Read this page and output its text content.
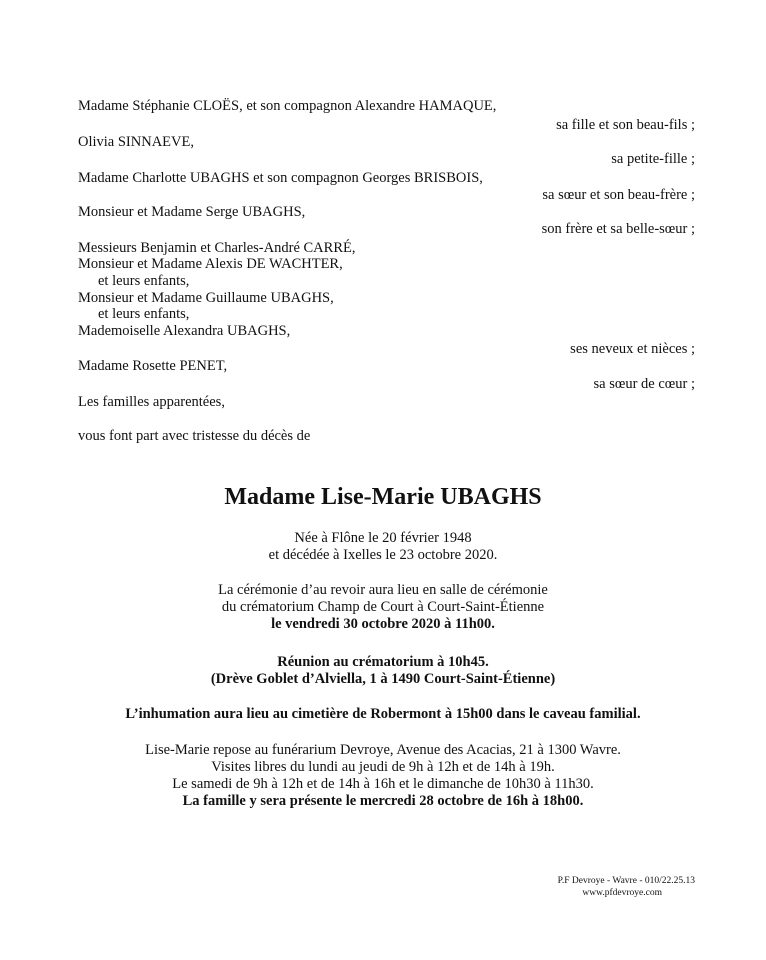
Madame Stéphanie CLOËS, et son compagnon Alexandre HAMAQUE,
Olivia SINNAEVE,
Madame Charlotte UBAGHS et son compagnon Georges BRISBOIS,
Monsieur et Madame Serge UBAGHS,
Messieurs Benjamin et Charles-André CARRÉ,
Monsieur et Madame Alexis DE WACHTER,
et leurs enfants,
Monsieur et Madame Guillaume UBAGHS,
et leurs enfants,
Mademoiselle Alexandra UBAGHS,
Madame Rosette PENET,
Les familles apparentées,
sa fille et son beau-fils ;
sa petite-fille ;
sa sœur et son beau-frère ;
son frère et sa belle-sœur ;
ses neveux et nièces ;
sa sœur de cœur ;
vous font part avec tristesse du décès de
Madame Lise-Marie UBAGHS
Née à Flône le 20 février 1948
et décédée à Ixelles le 23 octobre 2020.
La cérémonie d’au revoir aura lieu en salle de cérémonie
du crématorium Champ de Court à Court-Saint-Étienne
le vendredi 30 octobre 2020 à 11h00.
Réunion au crématorium à 10h45.
(Drève Goblet d’Alviella, 1 à 1490 Court-Saint-Étienne)
L’inhumation aura lieu au cimetière de Robermont à 15h00 dans le caveau familial.
Lise-Marie repose au funérarium Devroye, Avenue des Acacias, 21 à 1300 Wavre.
Visites libres du lundi au jeudi de 9h à 12h et de 14h à 19h.
Le samedi de 9h à 12h et de 14h à 16h et le dimanche de 10h30 à 11h30.
La famille y sera présente le mercredi 28 octobre de 16h à 18h00.
P.F Devroye - Wavre - 010/22.25.13
www.pfdevroye.com
